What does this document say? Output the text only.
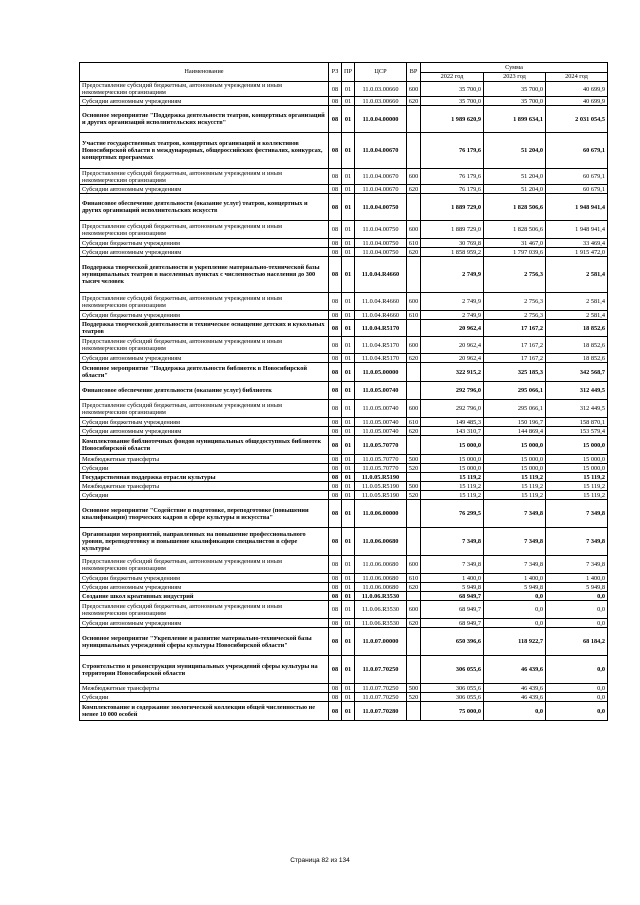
Наименование	РЗ	ПР	ЦСР	ВР	Сумма		
					2022 год	2023 год	2024 год
Предоставление субсидий бюджетным, автономным учреждениям и иным некоммерческим организациям	08	01	11.0.03.00660	600	35 700,0	35 700,0	40 699,9
Субсидии автономным учреждениям	08	01	11.0.03.00660	620	35 700,0	35 700,0	40 699,9
Основное мероприятие "Поддержка деятельности театров, концертных организаций и других организаций исполнительских искусств"	08	01	11.0.04.00000		1 989 620,9	1 899 634,1	2 031 054,5
Участие государственных театров, концертных организаций и коллективов Новосибирской области в международных, общероссийских фестивалях, конкурсах, концертных программах	08	01	11.0.04.00670		76 179,6	51 204,0	60 679,1
Предоставление субсидий бюджетным, автономным учреждениям и иным некоммерческим организациям	08	01	11.0.04.00670	600	76 179,6	51 204,0	60 679,1
Субсидии автономным учреждениям	08	01	11.0.04.00670	620	76 179,6	51 204,0	60 679,1
Финансовое обеспечение деятельности (оказание услуг) театров, концертных и других организаций исполнительских искусств	08	01	11.0.04.00750		1 889 729,0	1 828 506,6	1 948 941,4
Предоставление субсидий бюджетным, автономным учреждениям и иным некоммерческим организациям	08	01	11.0.04.00750	600	1 889 729,0	1 828 506,6	1 948 941,4
Субсидии бюджетным учреждениям	08	01	11.0.04.00750	610	30 769,8	31 467,0	33 469,4
Субсидии автономным учреждениям	08	01	11.0.04.00750	620	1 858 959,2	1 797 039,6	1 915 472,0
Поддержка творческой деятельности и укрепление материально-технической базы муниципальных театров в населенных пунктах с численностью населения до 300 тысяч человек	08	01	11.0.04.R4660		2 749,9	2 756,3	2 581,4
Предоставление субсидий бюджетным, автономным учреждениям и иным некоммерческим организациям	08	01	11.0.04.R4660	600	2 749,9	2 756,3	2 581,4
Субсидии бюджетным учреждениям	08	01	11.0.04.R4660	610	2 749,9	2 756,3	2 581,4
Поддержка творческой деятельности и техническое оснащение детских и кукольных театров	08	01	11.0.04.R5170		20 962,4	17 167,2	18 852,6
Предоставление субсидий бюджетным, автономным учреждениям и иным некоммерческим организациям	08	01	11.0.04.R5170	600	20 962,4	17 167,2	18 852,6
Субсидии автономным учреждениям	08	01	11.0.04.R5170	620	20 962,4	17 167,2	18 852,6
Основное мероприятие "Поддержка деятельности библиотек в Новосибирской области"	08	01	11.0.05.00000		322 915,2	325 185,3	342 568,7
Финансовое обеспечение деятельности (оказание услуг) библиотек	08	01	11.0.05.00740		292 796,0	295 066,1	312 449,5
Предоставление субсидий бюджетным, автономным учреждениям и иным некоммерческим организациям	08	01	11.0.05.00740	600	292 796,0	295 066,1	312 449,5
Субсидии бюджетным учреждениям	08	01	11.0.05.00740	610	149 485,3	150 196,7	158 870,1
Субсидии автономным учреждениям	08	01	11.0.05.00740	620	143 310,7	144 869,4	153 579,4
Комплектование библиотечных фондов муниципальных общедоступных библиотек Новосибирской области	08	01	11.0.05.70770		15 000,0	15 000,0	15 000,0
Межбюджетные трансферты	08	01	11.0.05.70770	500	15 000,0	15 000,0	15 000,0
Субсидии	08	01	11.0.05.70770	520	15 000,0	15 000,0	15 000,0
Государственная поддержка отрасли культуры	08	01	11.0.05.R5190		15 119,2	15 119,2	15 119,2
Межбюджетные трансферты	08	01	11.0.05.R5190	500	15 119,2	15 119,2	15 119,2
Субсидии	08	01	11.0.05.R5190	520	15 119,2	15 119,2	15 119,2
Основное мероприятие "Содействие в подготовке, переподготовке (повышении квалификации) творческих кадров в сфере культуры и искусства"	08	01	11.0.06.00000		76 299,5	7 349,8	7 349,8
Организация мероприятий, направленных на повышение профессионального уровня, переподготовку и повышение квалификации специалистов в сфере культуры	08	01	11.0.06.00680		7 349,8	7 349,8	7 349,8
Предоставление субсидий бюджетным, автономным учреждениям и иным некоммерческим организациям	08	01	11.0.06.00680	600	7 349,8	7 349,8	7 349,8
Субсидии бюджетным учреждениям	08	01	11.0.06.00680	610	1 400,0	1 400,0	1 400,0
Субсидии автономным учреждениям	08	01	11.0.06.00680	620	5 949,8	5 949,8	5 949,8
Создание школ креативных индустрий	08	01	11.0.06.R3530		68 949,7	0,0	0,0
Предоставление субсидий бюджетным, автономным учреждениям и иным некоммерческим организациям	08	01	11.0.06.R3530	600	68 949,7	0,0	0,0
Субсидии автономным учреждениям	08	01	11.0.06.R3530	620	68 949,7	0,0	0,0
Основное мероприятие "Укрепление и развитие материально-технической базы муниципальных учреждений сферы культуры Новосибирской области"	08	01	11.0.07.00000		650 396,6	118 922,7	68 184,2
Строительство и реконструкция муниципальных учреждений сферы культуры на территории Новосибирской области	08	01	11.0.07.70250		306 055,6	46 439,6	0,0
Межбюджетные трансферты	08	01	11.0.07.70250	500	306 055,6	46 439,6	0,0
Субсидии	08	01	11.0.07.70250	520	306 055,6	46 439,6	0,0
Комплектование и содержание зоологической коллекции общей численностью не менее 10 000 особей	08	01	11.0.07.70280		75 000,0	0,0	0,0
Страница 82 из 134
